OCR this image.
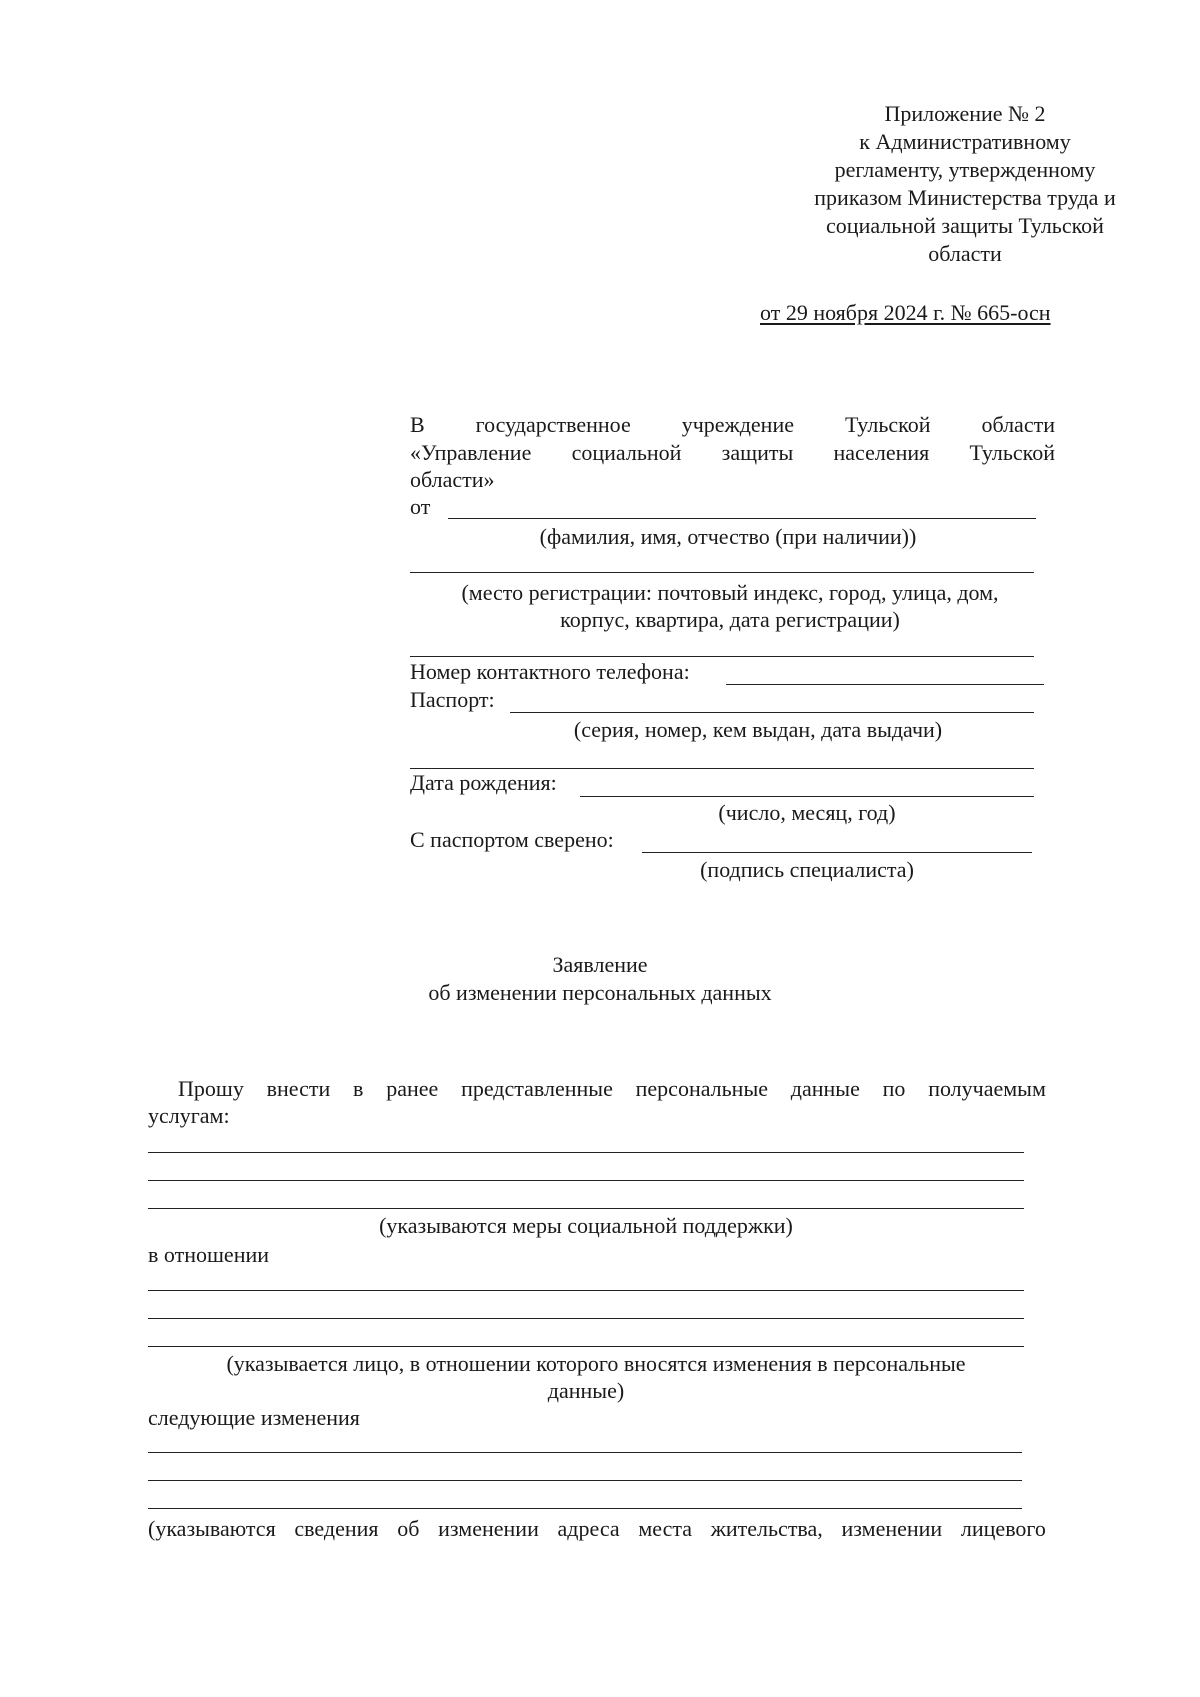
Приложение № 2
к Административному
регламенту, утвержденному
приказом Министерства труда и
социальной защиты Тульской
области
от 29 ноября 2024 г. № 665-осн
В государственное учреждение Тульской области
«Управление социальной защиты населения Тульской
области»
от
(фамилия, имя, отчество (при наличии))
(место регистрации: почтовый индекс, город, улица, дом,
корпус, квартира, дата регистрации)
Номер контактного телефона:
Паспорт:
(серия, номер, кем выдан, дата выдачи)
Дата рождения:
(число, месяц, год)
С паспортом сверено:
(подпись специалиста)
Заявление
об изменении персональных данных
Прошу внести в ранее представленные персональные данные по получаемым
услугам:
(указываются меры социальной поддержки)
в отношении
(указывается лицо, в отношении которого вносятся изменения в персональные
данные)
следующие изменения
(указываются сведения об изменении адреса места жительства, изменении лицевого
